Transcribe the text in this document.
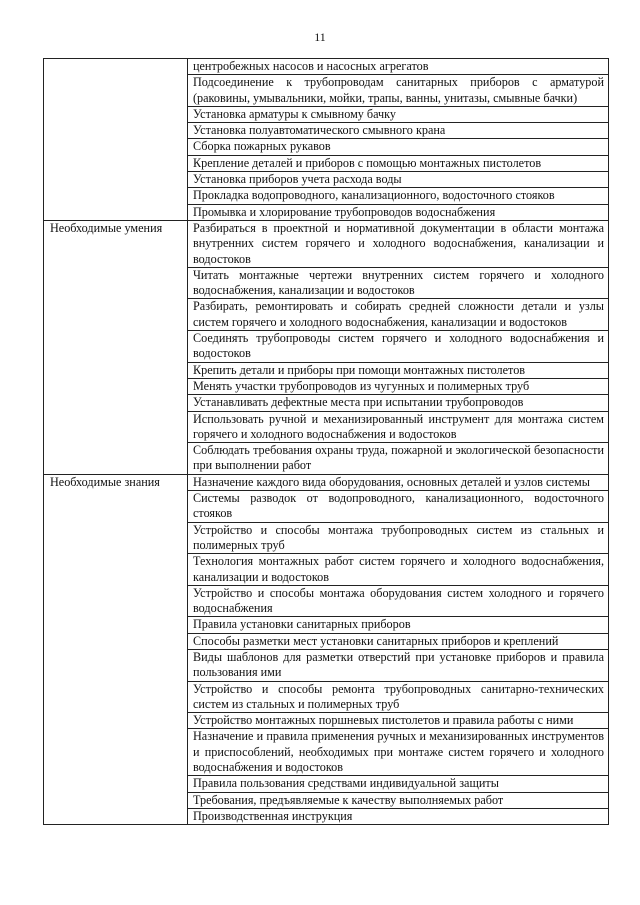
11
	центробежных насосов и насосных агрегатов
	Подсоединение к трубопроводам санитарных приборов с арматурой (раковины, умывальники, мойки, трапы, ванны, унитазы, смывные бачки)
	Установка арматуры к смывному бачку
	Установка полуавтоматического смывного крана
	Сборка пожарных рукавов
	Крепление деталей и приборов с помощью монтажных пистолетов
	Установка приборов учета расхода воды
	Прокладка водопроводного, канализационного, водосточного стояков
	Промывка и хлорирование трубопроводов водоснабжения
Необходимые умения	Разбираться в проектной и нормативной документации в области монтажа внутренних систем горячего и холодного водоснабжения, канализации и водостоков
	Читать монтажные чертежи внутренних систем горячего и холодного водоснабжения, канализации и водостоков
	Разбирать, ремонтировать и собирать средней сложности детали и узлы систем горячего и холодного водоснабжения, канализации и водостоков
	Соединять трубопроводы систем горячего и холодного водоснабжения и водостоков
	Крепить детали и приборы при помощи монтажных пистолетов
	Менять участки трубопроводов из чугунных и полимерных труб
	Устанавливать дефектные места при испытании трубопроводов
	Использовать ручной и механизированный инструмент для монтажа систем горячего и холодного водоснабжения и водостоков
	Соблюдать требования охраны труда, пожарной и экологической безопасности при выполнении работ
Необходимые знания	Назначение каждого вида оборудования, основных деталей и узлов системы
	Системы разводок от водопроводного, канализационного, водосточного стояков
	Устройство и способы монтажа трубопроводных систем из стальных и полимерных труб
	Технология монтажных работ систем горячего и холодного водоснабжения, канализации и водостоков
	Устройство и способы монтажа оборудования систем холодного и горячего водоснабжения
	Правила установки санитарных приборов
	Способы разметки мест установки санитарных приборов и креплений
	Виды шаблонов для разметки отверстий при установке приборов и правила пользования ими
	Устройство и способы ремонта трубопроводных санитарно-технических систем из стальных и полимерных труб
	Устройство монтажных поршневых пистолетов и правила работы с ними
	Назначение и правила применения ручных и механизированных инструментов и приспособлений, необходимых при монтаже систем горячего и холодного водоснабжения и водостоков
	Правила пользования средствами индивидуальной защиты
	Требования, предъявляемые к качеству выполняемых работ
	Производственная инструкция
